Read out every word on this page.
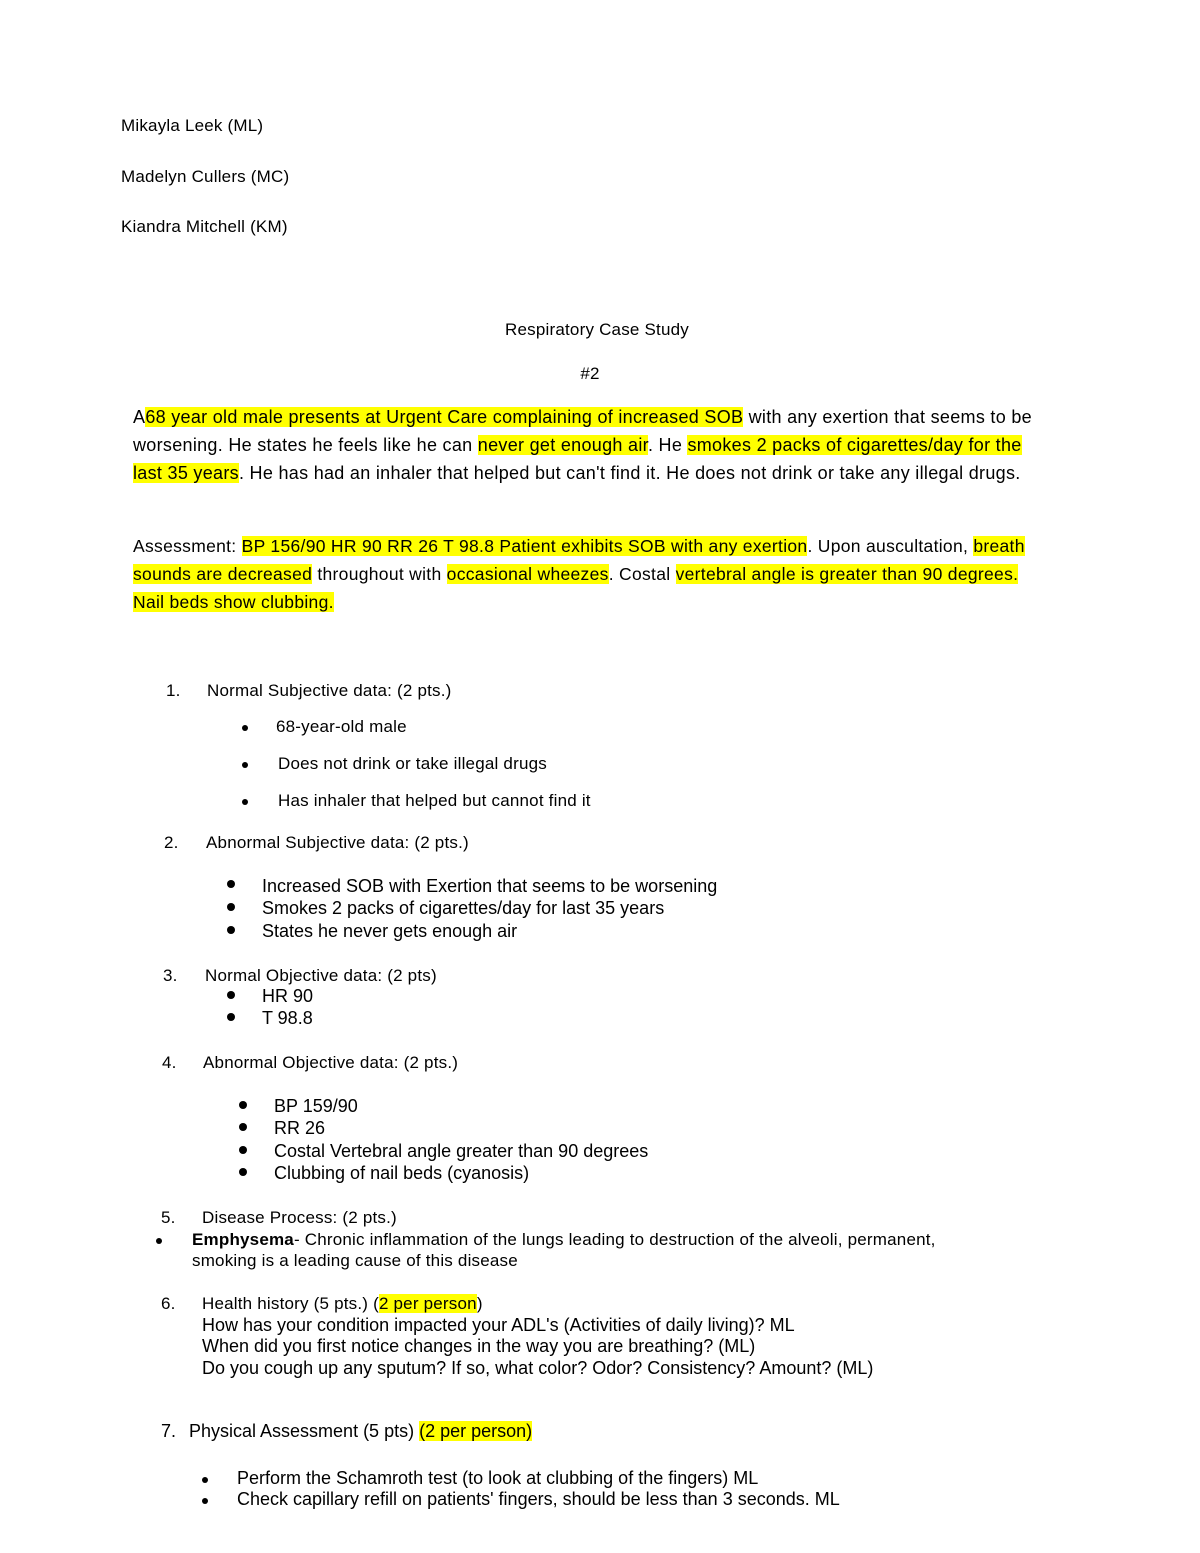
Mikayla Leek (ML)
Madelyn Cullers (MC)
Kiandra Mitchell (KM)
Respiratory Case Study
#2

A68 year old male presents at Urgent Care complaining of increased SOB with any exertion that seems to be worsening. He states he feels like he can never get enough air. He smokes 2 packs of cigarettes/day for the last 35 years. He has had an inhaler that helped but can't find it. He does not drink or take any illegal drugs.

Assessment: BP 156/90 HR 90 RR 26 T 98.8 Patient exhibits SOB with any exertion. Upon auscultation, breath sounds are decreased throughout with occasional wheezes. Costal vertebral angle is greater than 90 degrees. Nail beds show clubbing.

1. Normal Subjective data: (2 pts.)
68-year-old male
Does not drink or take illegal drugs
Has inhaler that helped but cannot find it
2. Abnormal Subjective data: (2 pts.)
Increased SOB with Exertion that seems to be worsening
Smokes 2 packs of cigarettes/day for last 35 years
States he never gets enough air
3. Normal Objective data: (2 pts)
HR 90
T 98.8
4. Abnormal Objective data: (2 pts.)
BP 159/90
RR 26
Costal Vertebral angle greater than 90 degrees
Clubbing of nail beds (cyanosis)
5. Disease Process: (2 pts.)
Emphysema- Chronic inflammation of the lungs leading to destruction of the alveoli, permanent,
smoking is a leading cause of this disease
6. Health history (5 pts.) (2 per person)
How has your condition impacted your ADL's (Activities of daily living)? ML
When did you first notice changes in the way you are breathing? (ML)
Do you cough up any sputum? If so, what color? Odor? Consistency? Amount? (ML)
7. Physical Assessment (5 pts) (2 per person)
Perform the Schamroth test (to look at clubbing of the fingers) ML
Check capillary refill on patients' fingers, should be less than 3 seconds. ML
